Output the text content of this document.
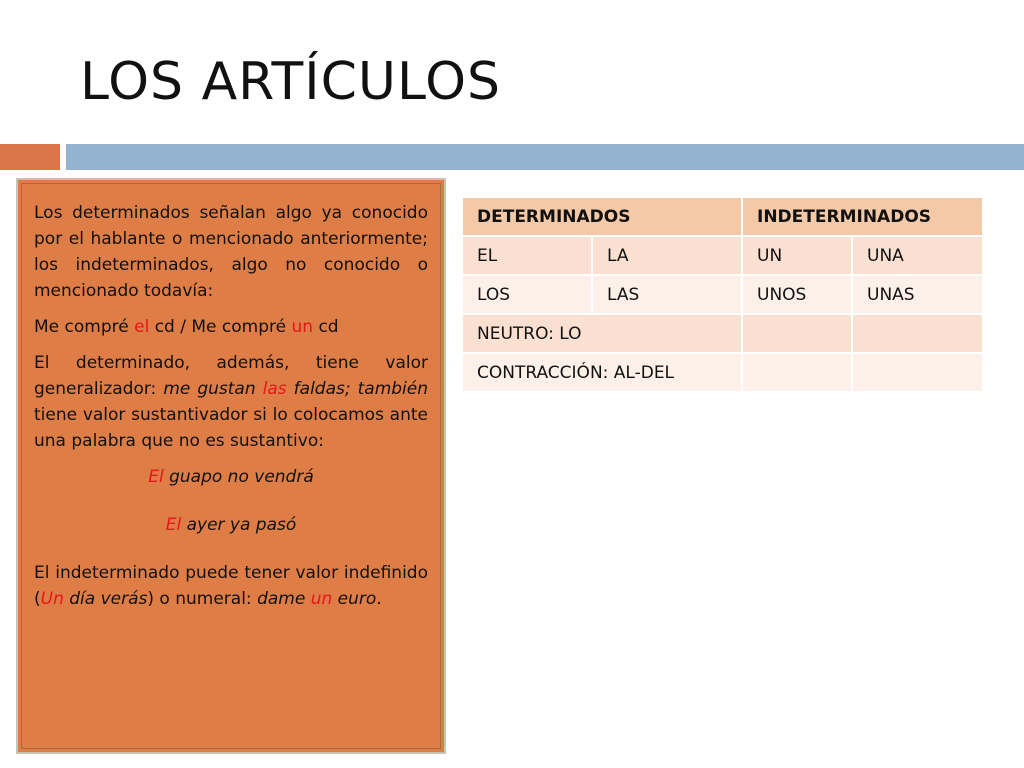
LOS ARTÍCULOS

Los determinados señalan algo ya conocido por el hablante o mencionado anteriormente; los indeterminados, algo no conocido o mencionado todavía:

Me compré el cd / Me compré un cd

El determinado, además, tiene valor generalizador: me gustan las faldas; también tiene valor sustantivador si lo colocamos ante una palabra que no es sustantivo:

El guapo no vendrá

El ayer ya pasó

El indeterminado puede tener valor indefinido (Un día verás) o numeral: dame un euro.

DETERMINADOS		INDETERMINADOS	
EL	LA	UN	UNA
LOS	LAS	UNOS	UNAS
NEUTRO: LO			
CONTRACCIÓN: AL-DEL			
